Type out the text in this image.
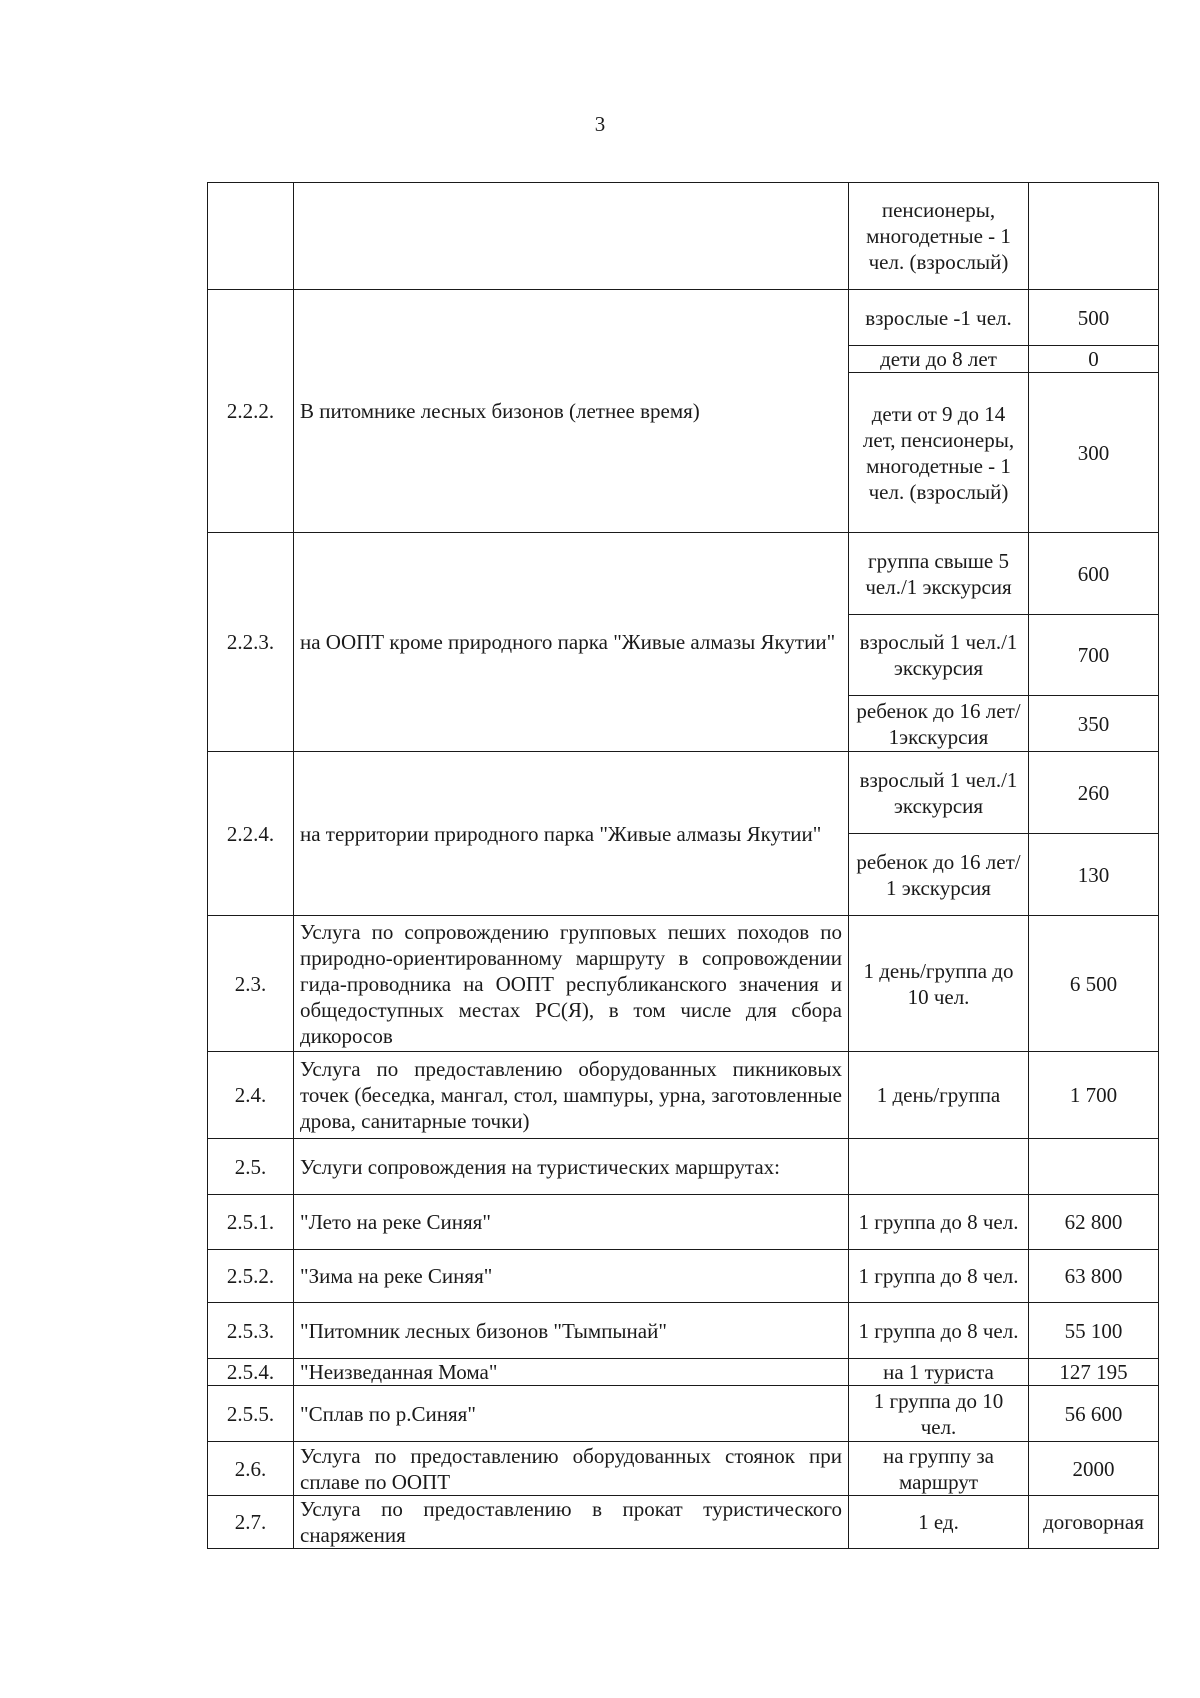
3
		пенсионеры, многодетные - 1 чел. (взрослый)	
2.2.2.	В питомнике лесных бизонов (летнее время)	взрослые -1 чел.	500
		дети до 8 лет	0
		дети от 9 до 14 лет, пенсионеры, многодетные - 1 чел. (взрослый)	300
2.2.3.	на ООПТ кроме природного парка "Живые алмазы Якутии"	группа свыше 5 чел./1 экскурсия	600
		взрослый 1 чел./1 экскурсия	700
		ребенок до 16 лет/ 1экскурсия	350
2.2.4.	на территории природного парка "Живые алмазы Якутии"	взрослый 1 чел./1 экскурсия	260
		ребенок до 16 лет/ 1 экскурсия	130
2.3.	Услуга по сопровождению групповых пеших походов по природно-ориентированному маршруту в сопровождении гида-проводника на ООПТ республиканского значения и общедоступных местах РС(Я), в том числе для сбора дикоросов	1 день/группа до 10 чел.	6 500
2.4.	Услуга по предоставлению оборудованных пикниковых точек (беседка, мангал, стол, шампуры, урна, заготовленные дрова, санитарные точки)	1 день/группа	1 700
2.5.	Услуги сопровождения на туристических маршрутах:		
2.5.1.	"Лето на реке Синяя"	1 группа до 8 чел.	62 800
2.5.2.	"Зима на реке Синяя"	1 группа до 8 чел.	63 800
2.5.3.	"Питомник лесных бизонов "Тымпынай"	1 группа до 8 чел.	55 100
2.5.4.	"Неизведанная Мома"	на 1 туриста	127 195
2.5.5.	"Сплав по р.Синяя"	1 группа до 10 чел.	56 600
2.6.	Услуга по предоставлению оборудованных стоянок при сплаве по ООПТ	на группу за маршрут	2000
2.7.	Услуга по предоставлению в прокат туристического снаряжения	1 ед.	договорная
